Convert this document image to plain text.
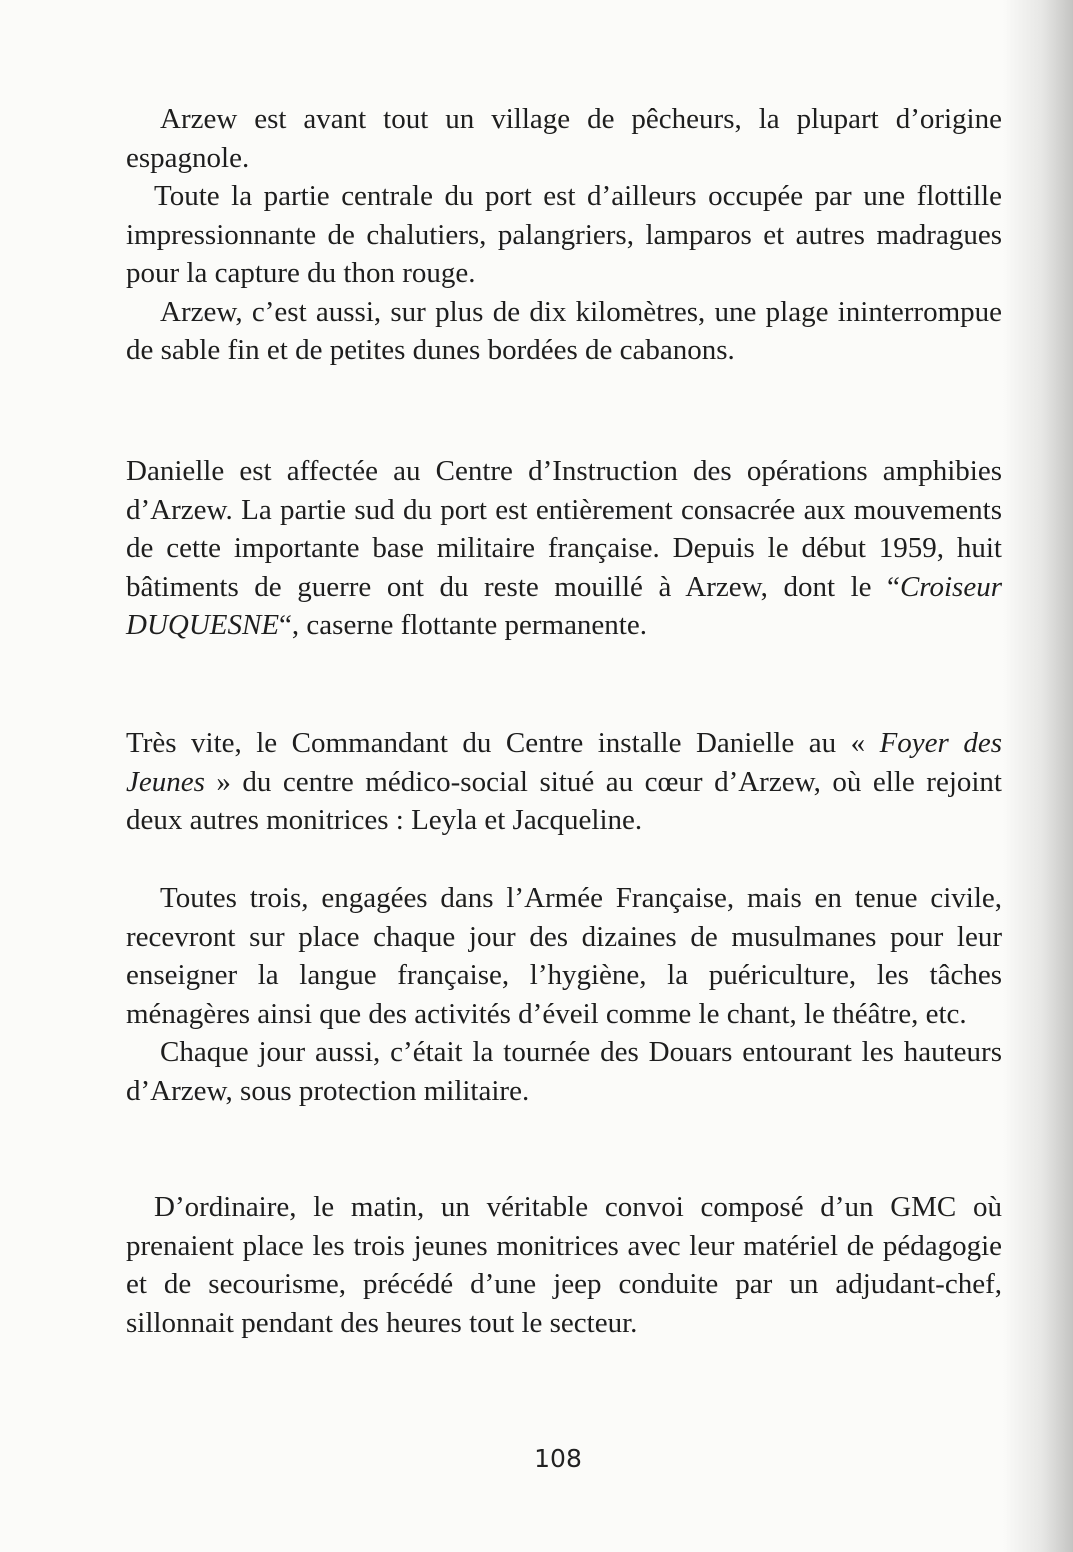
Arzew est avant tout un village de pêcheurs, la plupart d’origine espagnole.

Toute la partie centrale du port est d’ailleurs occupée par une flottille impressionnante de chalutiers, palangriers, lamparos et autres madragues pour la capture du thon rouge.

Arzew, c’est aussi, sur plus de dix kilomètres, une plage ininterrompue de sable fin et de petites dunes bordées de cabanons.

Danielle est affectée au Centre d’Instruction des opérations amphibies d’Arzew. La partie sud du port est entièrement consacrée aux mouvements de cette importante base militaire française. Depuis le début 1959, huit bâtiments de guerre ont du reste mouillé à Arzew, dont le “Croiseur DUQUESNE“, caserne flottante permanente.

Très vite, le Commandant du Centre installe Danielle au « Foyer des Jeunes » du centre médico-social situé au cœur d’Arzew, où elle rejoint deux autres monitrices : Leyla et Jacqueline.

Toutes trois, engagées dans l’Armée Française, mais en tenue civile, recevront sur place chaque jour des dizaines de musulmanes pour leur enseigner la langue française, l’hygiène, la puériculture, les tâches ménagères ainsi que des activités d’éveil comme le chant, le théâtre, etc.

Chaque jour aussi, c’était la tournée des Douars entourant les hauteurs d’Arzew, sous protection militaire.

D’ordinaire, le matin, un véritable convoi composé d’un GMC où prenaient place les trois jeunes monitrices avec leur matériel de pédagogie et de secourisme, précédé d’une jeep conduite par un adjudant-chef, sillonnait pendant des heures tout le secteur.

108
